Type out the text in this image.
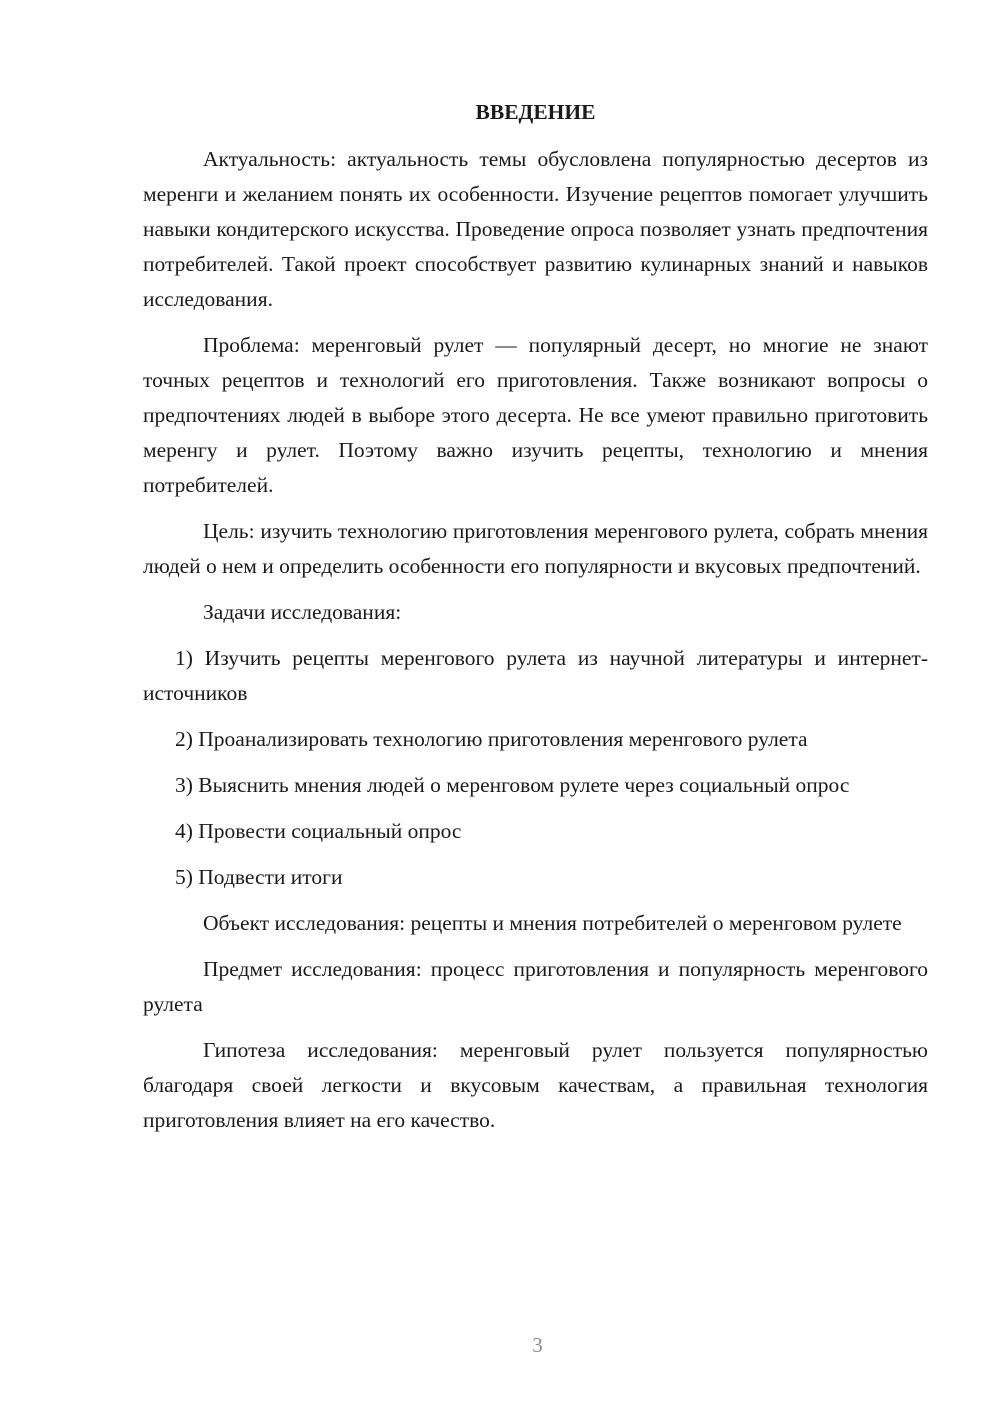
ВВЕДЕНИЕ

Актуальность: актуальность темы обусловлена популярностью десертов из меренги и желанием понять их особенности. Изучение рецептов помогает улучшить навыки кондитерского искусства. Проведение опроса позволяет узнать предпочтения потребителей. Такой проект способствует развитию кулинарных знаний и навыков исследования.

Проблема: меренговый рулет — популярный десерт, но многие не знают точных рецептов и технологий его приготовления. Также возникают вопросы о предпочтениях людей в выборе этого десерта. Не все умеют правильно приготовить меренгу и рулет. Поэтому важно изучить рецепты, технологию и мнения потребителей.

Цель: изучить технологию приготовления меренгового рулета, собрать мнения людей о нем и определить особенности его популярности и вкусовых предпочтений.

Задачи исследования:

1) Изучить рецепты меренгового рулета из научной литературы и интернет-источников

2) Проанализировать технологию приготовления меренгового рулета

3) Выяснить мнения людей о меренговом рулете через социальный опрос

4) Провести социальный опрос

5) Подвести итоги

Объект исследования: рецепты и мнения потребителей о меренговом рулете

Предмет исследования: процесс приготовления и популярность меренгового рулета

Гипотеза исследования: меренговый рулет пользуется популярностью благодаря своей легкости и вкусовым качествам, а правильная технология приготовления влияет на его качество.

3
